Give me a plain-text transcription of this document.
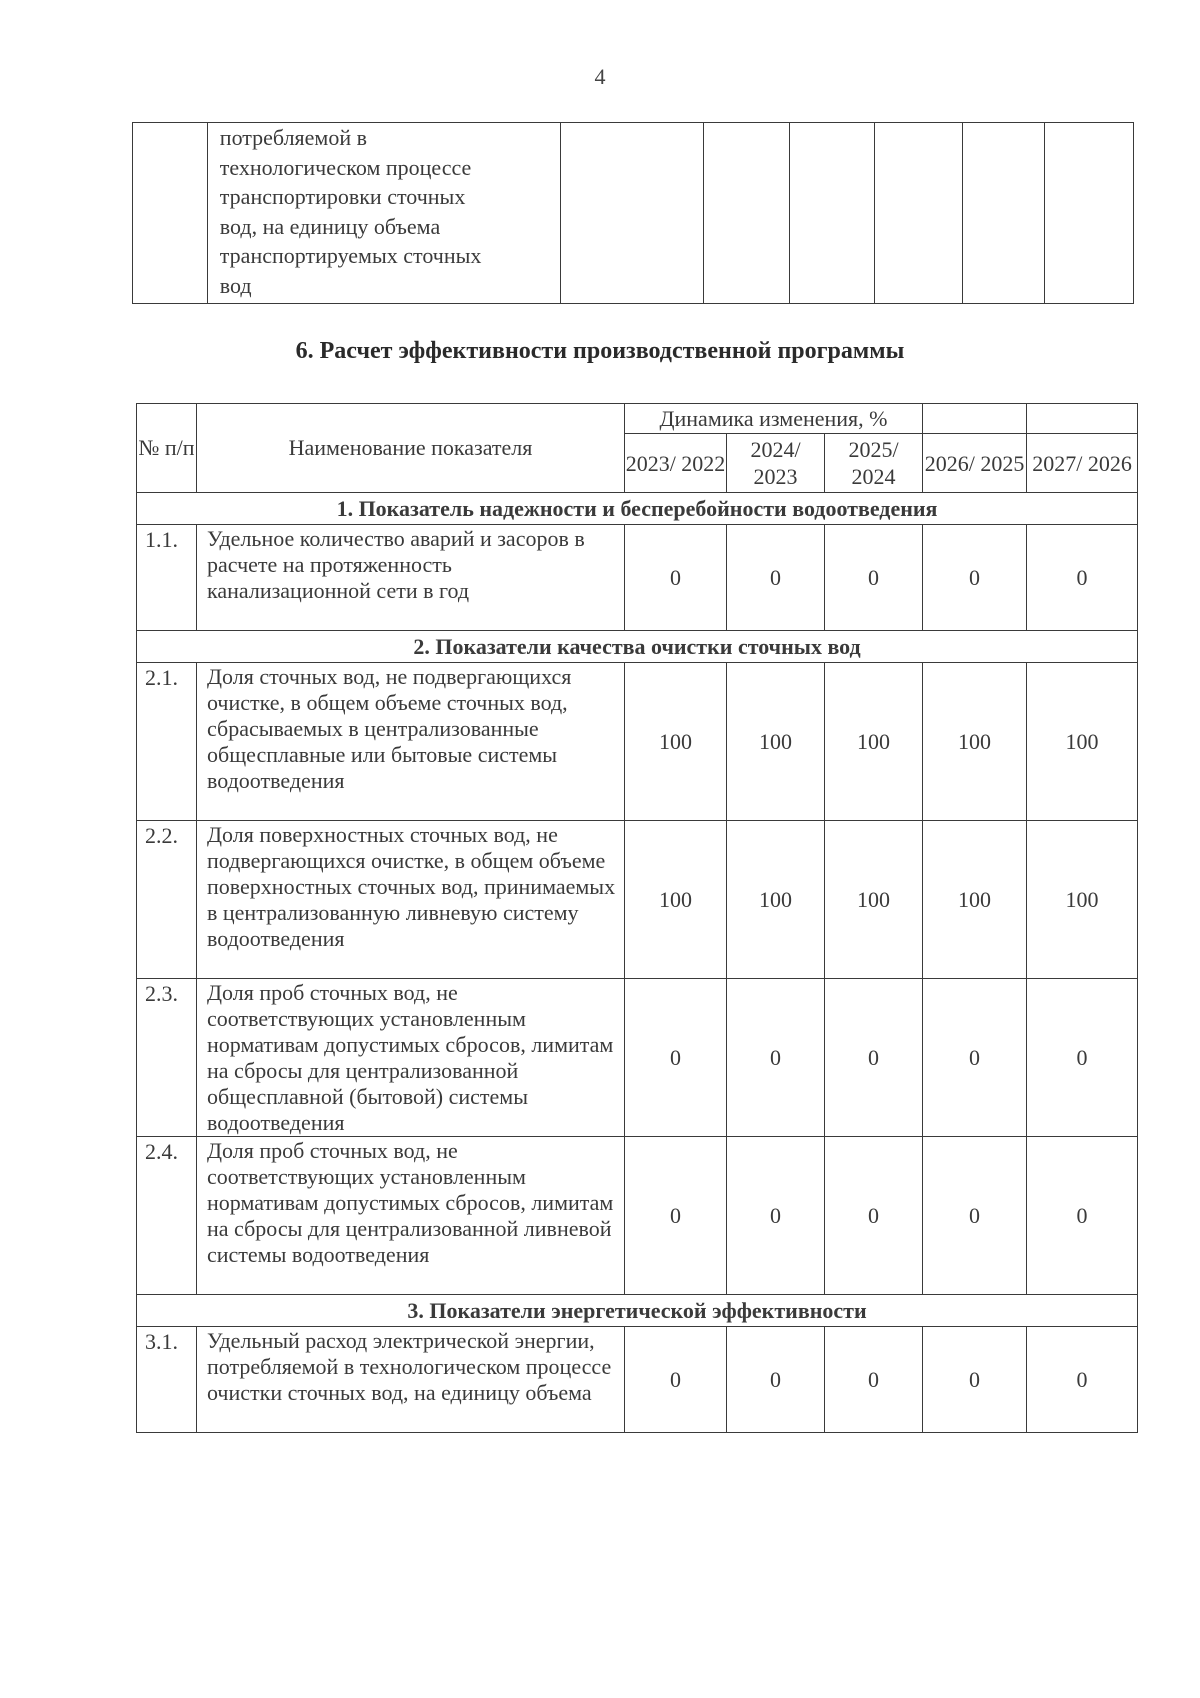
4

потребляемой в
технологическом процессе
транспортировки сточных
вод, на единицу объема
транспортируемых сточных
вод

6. Расчет эффективности производственной программы
№ п/п	Наименование показателя	Динамика изменения, %				
		2023/ 2022	2024/ 2023	2025/ 2024	2026/ 2025	2027/ 2026
1. Показатель надежности и бесперебойности водоотведения						
1.1.	Удельное количество аварий и засоров в расчете на протяженность канализационной сети в год	0	0	0	0	0
2. Показатели качества очистки сточных вод						
2.1.	Доля сточных вод, не подвергающихся очистке, в общем объеме сточных вод, сбрасываемых в централизованные общесплавные или бытовые системы водоотведения	100	100	100	100	100
2.2.	Доля поверхностных сточных вод, не подвергающихся очистке, в общем объеме поверхностных сточных вод, принимаемых в централизованную ливневую систему водоотведения	100	100	100	100	100
2.3.	Доля проб сточных вод, не соответствующих установленным нормативам допустимых сбросов, лимитам на сбросы для централизованной общесплавной (бытовой) системы водоотведения	0	0	0	0	0
2.4.	Доля проб сточных вод, не соответствующих установленным нормативам допустимых сбросов, лимитам на сбросы для централизованной ливневой системы водоотведения	0	0	0	0	0
3. Показатели энергетической эффективности						
3.1.	Удельный расход электрической энергии, потребляемой в технологическом процессе очистки сточных вод, на единицу объема	0	0	0	0	0
